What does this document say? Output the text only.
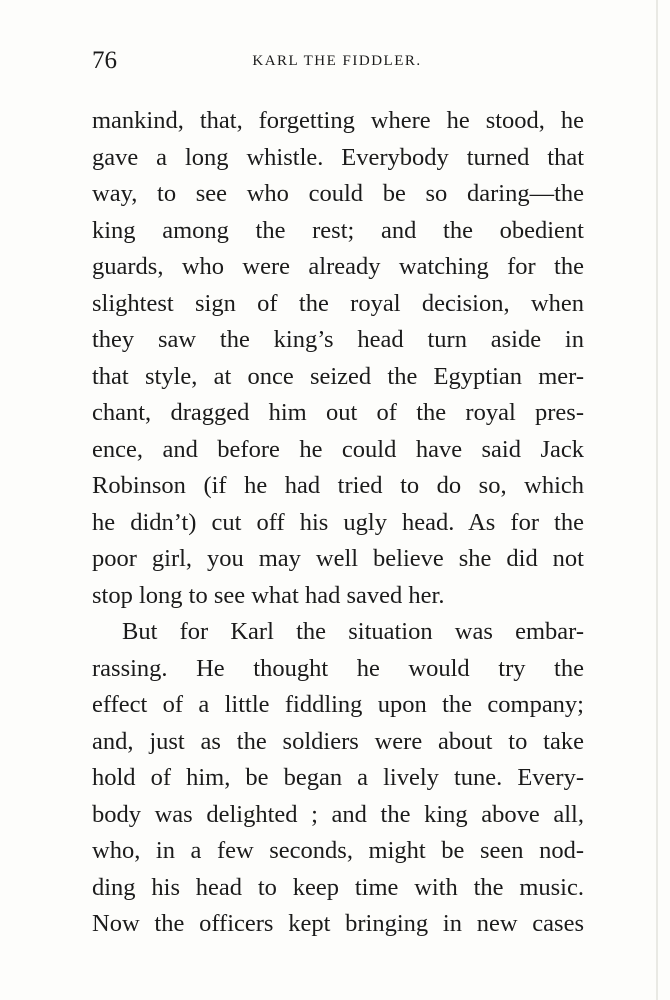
76	KARL THE FIDDLER.
mankind, that, forgetting where he stood, he
gave a long whistle. Everybody turned that
way, to see who could be so daring—the
king among the rest; and the obedient
guards, who were already watching for the
slightest sign of the royal decision, when
they saw the king’s head turn aside in
that style, at once seized the Egyptian mer-
chant, dragged him out of the royal pres-
ence, and before he could have said Jack
Robinson (if he had tried to do so, which
he didn’t) cut off his ugly head. As for the
poor girl, you may well believe she did not
stop long to see what had saved her.
But for Karl the situation was embar-
rassing. He thought he would try the
effect of a little fiddling upon the company;
and, just as the soldiers were about to take
hold of him, be began a lively tune. Every-
body was delighted ; and the king above all,
who, in a few seconds, might be seen nod-
ding his head to keep time with the music.
Now the officers kept bringing in new cases
